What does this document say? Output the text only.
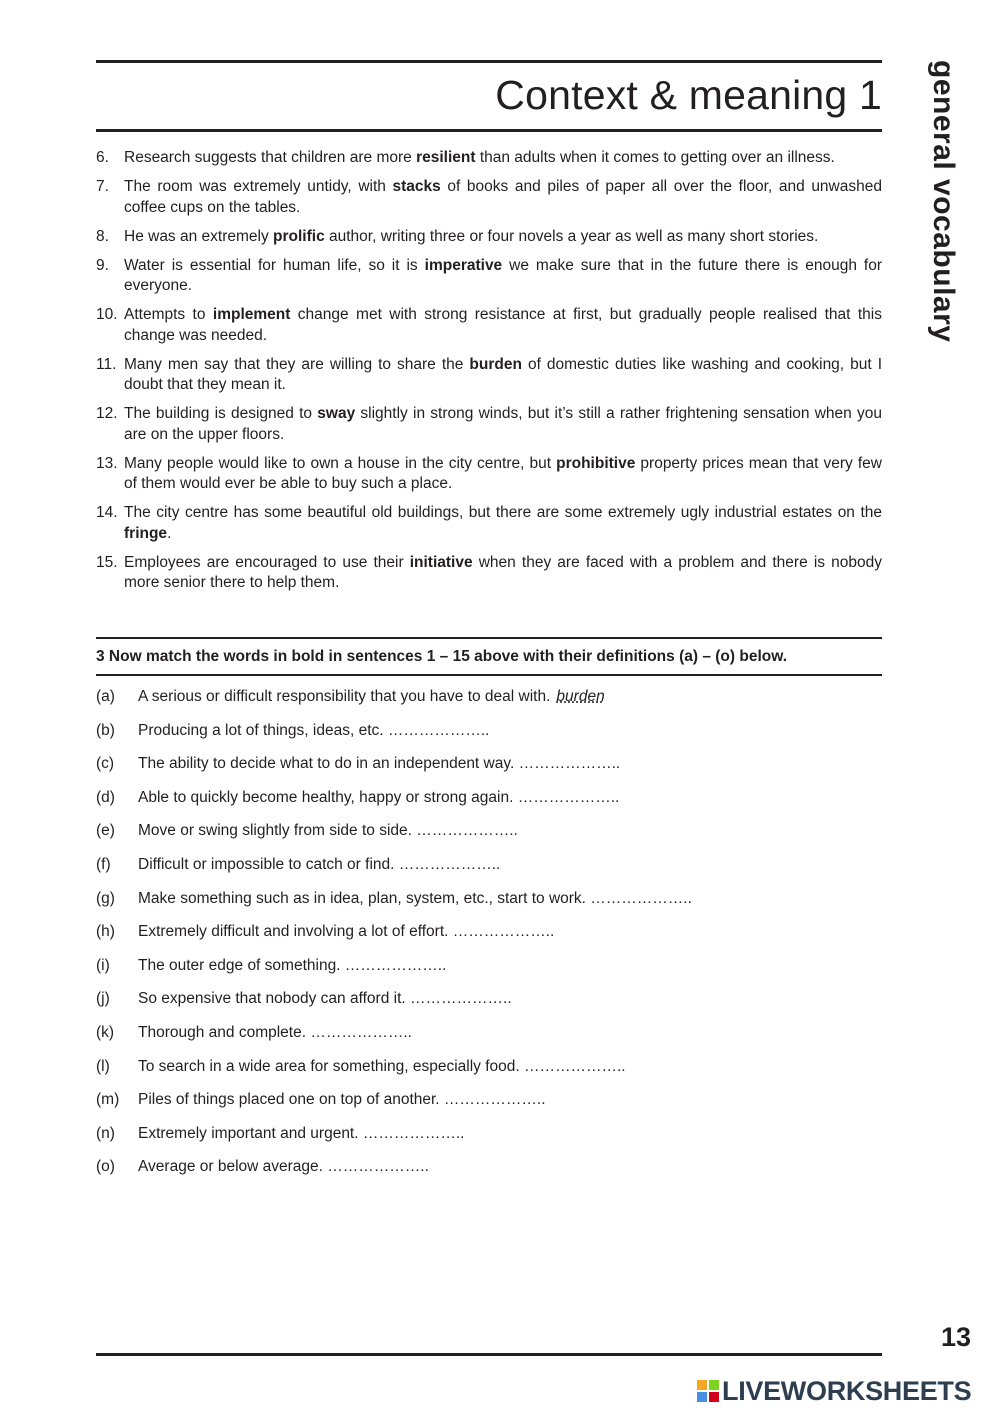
Context & meaning 1 general vocabulary
6. Research suggests that children are more resilient than adults when it comes to getting over an illness.
7. The room was extremely untidy, with stacks of books and piles of paper all over the floor, and unwashed coffee cups on the tables.
8. He was an extremely prolific author, writing three or four novels a year as well as many short stories.
9. Water is essential for human life, so it is imperative we make sure that in the future there is enough for everyone.
10. Attempts to implement change met with strong resistance at first, but gradually people realised that this change was needed.
11. Many men say that they are willing to share the burden of domestic duties like washing and cooking, but I doubt that they mean it.
12. The building is designed to sway slightly in strong winds, but it’s still a rather frightening sensation when you are on the upper floors.
13. Many people would like to own a house in the city centre, but prohibitive property prices mean that very few of them would ever be able to buy such a place.
14. The city centre has some beautiful old buildings, but there are some extremely ugly industrial estates on the fringe.
15. Employees are encouraged to use their initiative when they are faced with a problem and there is nobody more senior there to help them.

3 Now match the words in bold in sentences 1 – 15 above with their definitions (a) – (o) below.

(a) A serious or difficult responsibility that you have to deal with. burden
(b) Producing a lot of things, ideas, etc. ………………..
(c) The ability to decide what to do in an independent way. ………………..
(d) Able to quickly become healthy, happy or strong again. ………………..
(e) Move or swing slightly from side to side. ………………..
(f) Difficult or impossible to catch or find. ………………..
(g) Make something such as in idea, plan, system, etc., start to work. ………………..
(h) Extremely difficult and involving a lot of effort. ………………..
(i) The outer edge of something. ………………..
(j) So expensive that nobody can afford it. ………………..
(k) Thorough and complete. ………………..
(l) To search in a wide area for something, especially food. ………………..
(m) Piles of things placed one on top of another. ………………..
(n) Extremely important and urgent. ………………..
(o) Average or below average. ………………..
13
LIVEWORKSHEETS
